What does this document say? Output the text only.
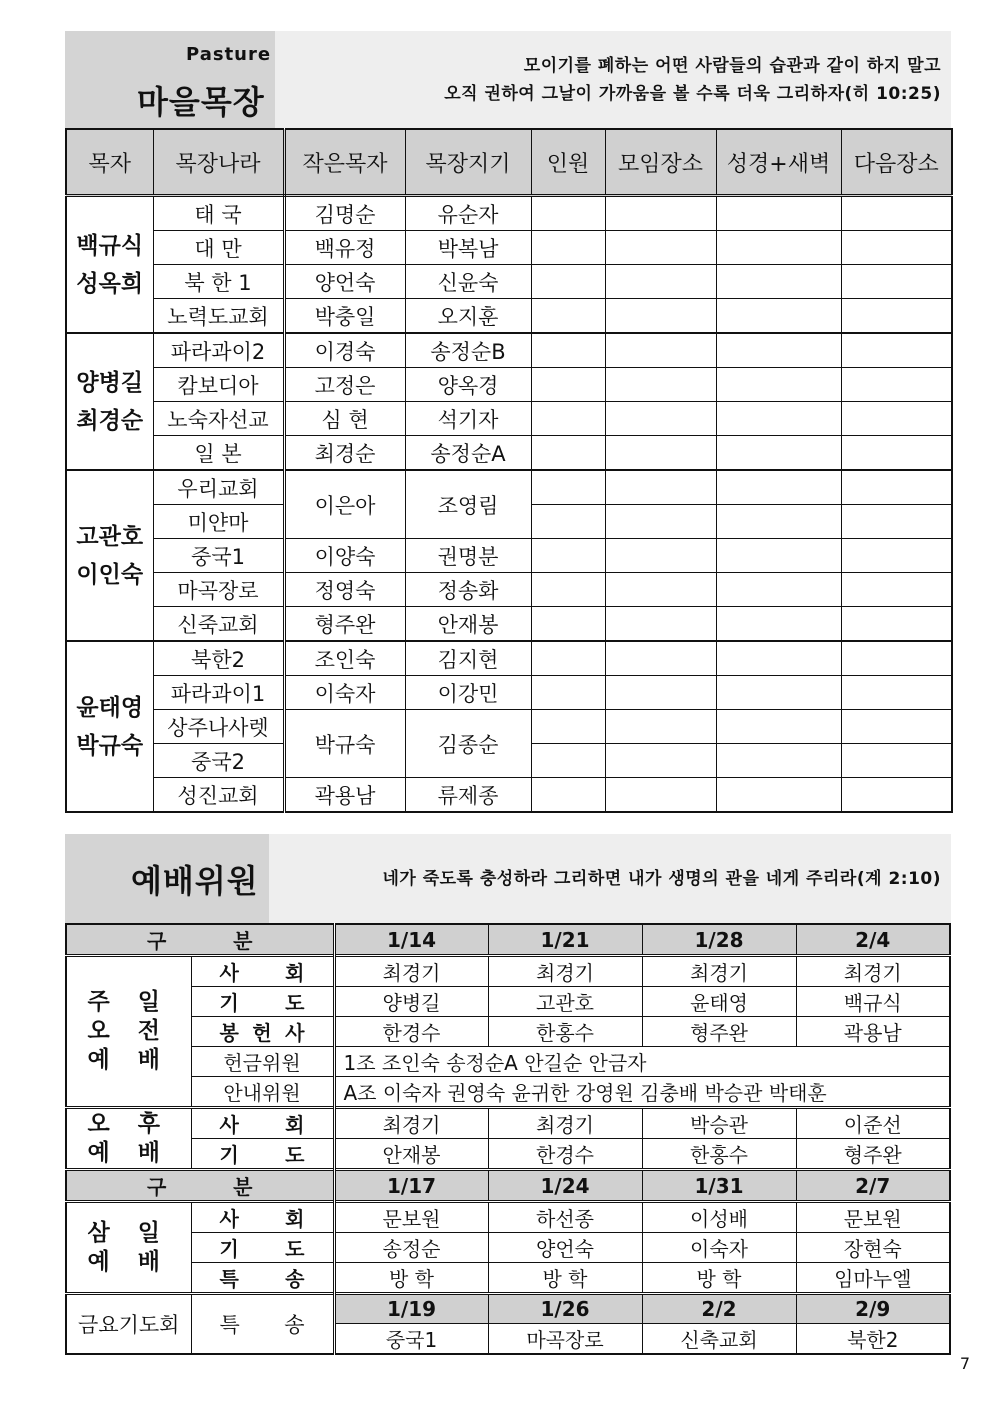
Pasture
마을목장
모이기를 폐하는 어떤 사람들의 습관과 같이 하지 말고
오직 권하여 그날이 가까움을 볼 수록 더욱 그리하자(히 10:25)
목자	목장나라	작은목자	목장지기	인원	모임장소	성경+새벽	다음장소
백규식 성옥희	태 국	김명순	유순자				
	대 만	백유정	박복남				
	북 한 1	양언숙	신윤숙				
	노력도교회	박충일	오지훈				
양병길 최경순	파라과이2	이경숙	송정순B				
	캄보디아	고정은	양옥경				
	노숙자선교	심 현	석기자				
	일 본	최경순	송정순A				
고관호 이인숙	우리교회	이은아	조영림				
	미얀마						
	중국1	이양숙	권명분				
	마곡장로	정영숙	정송화				
	신죽교회	형주완	안재봉				
윤태영 박규숙	북한2	조인숙	김지현				
	파라과이1	이숙자	이강민				
	상주나사렛	박규숙	김종순				
	중국2						
	성진교회	곽용남	류제종				
예배위원	네가 죽도록 충성하라 그리하면 내가 생명의 관을 네게 주리라(계 2:10)
구 분		1/14	1/21	1/28	2/4
주 일 오 전 예 배	사 회	최경기	최경기	최경기	최경기

	기 도	양병길	고관호	윤태영	백규식

	봉 헌 사	한경수	한홍수	형주완	곽용남
	헌금위원	1조 조인숙 송정순A 안길순 안금자			
	안내위원	A조 이숙자 권영숙 윤귀한 강영원 김충배 박승관 박태훈			
오 후 예 배	사 회	최경기	최경기	박승관	이준선

	기 도	안재봉	한경수	한홍수	형주완

구 분		1/17	1/24	1/31	2/7
삼 일 예 배	사 회	문보원	하선종	이성배	문보원

	기 도	송정순	양언숙	이숙자	장현숙

	특 송	방 학	방 학	방 학	임마누엘
금요기도회	특 송	1/19	1/26	2/2	2/9
		중국1	마곡장로	신축교회	북한2
7
